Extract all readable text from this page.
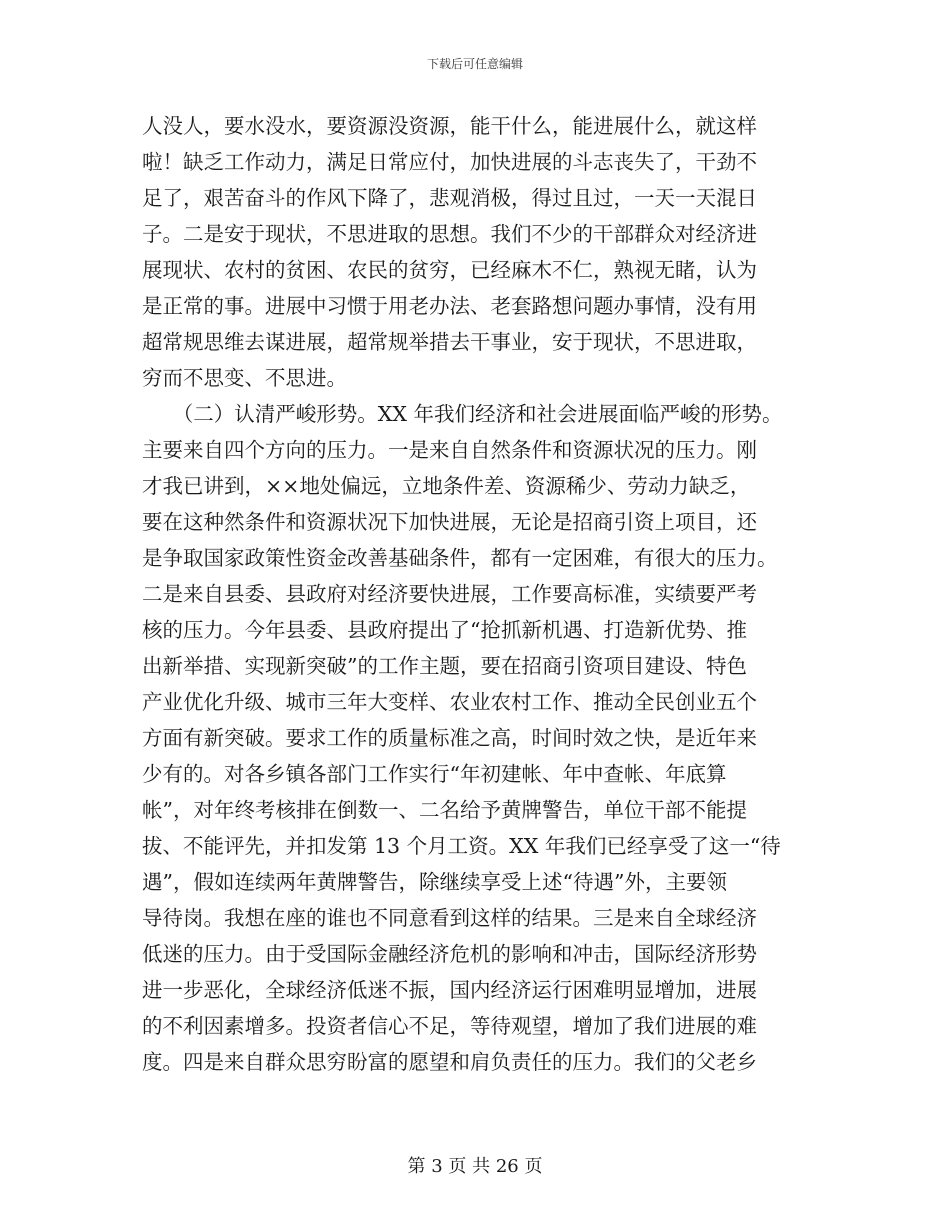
下载后可任意编辑
人没人，要水没水，要资源没资源，能干什么，能进展什么，就这样
啦！缺乏工作动力，满足日常应付，加快进展的斗志丧失了，干劲不
足了，艰苦奋斗的作风下降了，悲观消极，得过且过，一天一天混日
子。二是安于现状，不思进取的思想。我们不少的干部群众对经济进
展现状、农村的贫困、农民的贫穷，已经麻木不仁，熟视无睹，认为
是正常的事。进展中习惯于用老办法、老套路想问题办事情，没有用
超常规思维去谋进展，超常规举措去干事业，安于现状，不思进取，
穷而不思变、不思进。
　　（二）认清严峻形势。XX 年我们经济和社会进展面临严峻的形势。
主要来自四个方向的压力。一是来自自然条件和资源状况的压力。刚
才我已讲到，××地处偏远，立地条件差、资源稀少、劳动力缺乏，
要在这种然条件和资源状况下加快进展，无论是招商引资上项目，还
是争取国家政策性资金改善基础条件，都有一定困难，有很大的压力。
二是来自县委、县政府对经济要快进展，工作要高标准，实绩要严考
核的压力。今年县委、县政府提出了“抢抓新机遇、打造新优势、推
出新举措、实现新突破”的工作主题，要在招商引资项目建设、特色
产业优化升级、城市三年大变样、农业农村工作、推动全民创业五个
方面有新突破。要求工作的质量标准之高，时间时效之快，是近年来
少有的。对各乡镇各部门工作实行“年初建帐、年中查帐、年底算
帐”，对年终考核排在倒数一、二名给予黄牌警告，单位干部不能提
拔、不能评先，并扣发第 13 个月工资。XX 年我们已经享受了这一“待
遇”，假如连续两年黄牌警告，除继续享受上述“待遇”外，主要领
导待岗。我想在座的谁也不同意看到这样的结果。三是来自全球经济
低迷的压力。由于受国际金融经济危机的影响和冲击，国际经济形势
进一步恶化，全球经济低迷不振，国内经济运行困难明显增加，进展
的不利因素增多。投资者信心不足，等待观望，增加了我们进展的难
度。四是来自群众思穷盼富的愿望和肩负责任的压力。我们的父老乡
第 3 页 共 26 页
